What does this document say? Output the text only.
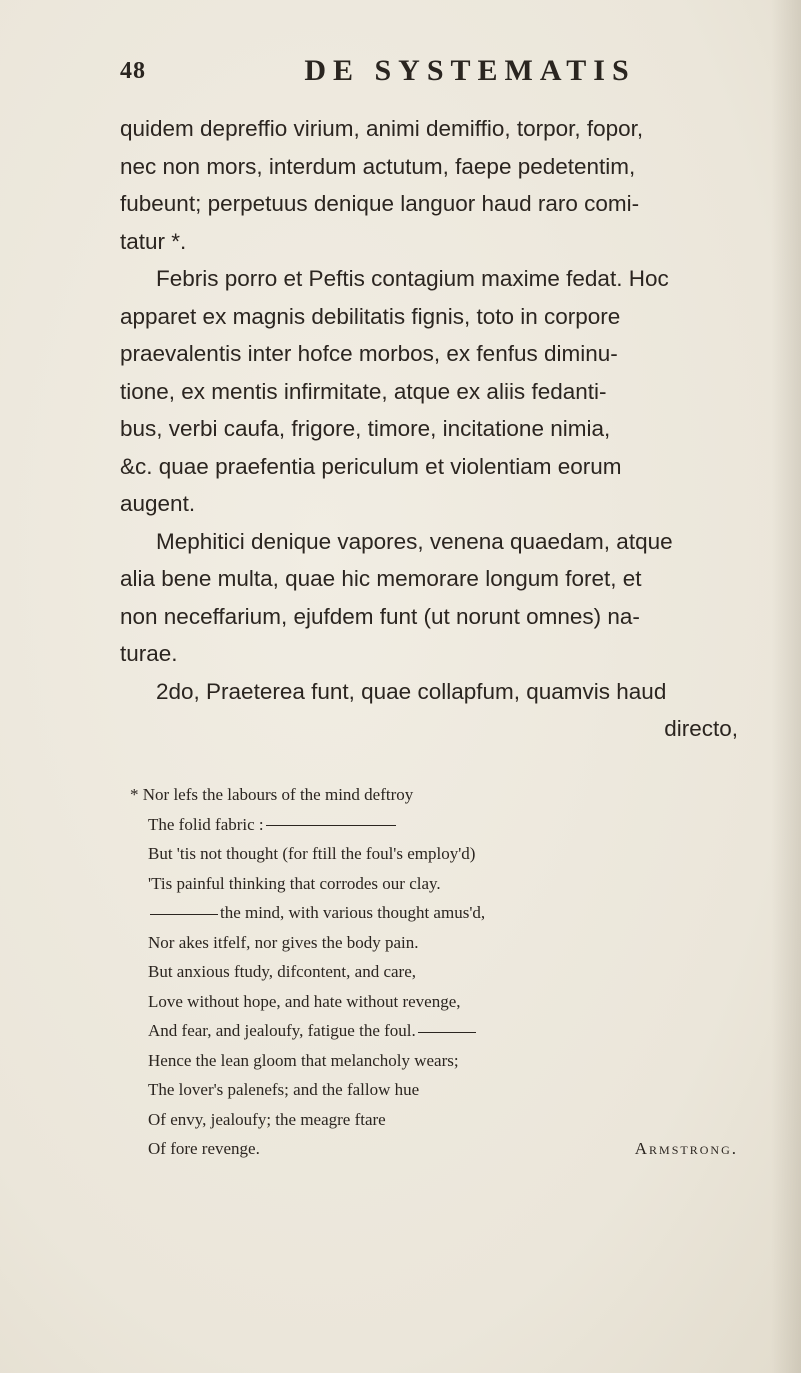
48	DE SYSTEMATIS

quidem depreffio virium, animi demiffio, torpor, fopor,

nec non mors, interdum actutum, faepe pedetentim,

fubeunt; perpetuus denique languor haud raro comi-

tatur *.

Febris porro et Peftis contagium maxime fedat. Hoc

apparet ex magnis debilitatis fignis, toto in corpore

praevalentis inter hofce morbos, ex fenfus diminu-

tione, ex mentis infirmitate, atque ex aliis fedanti-

bus, verbi caufa, frigore, timore, incitatione nimia,

&c. quae praefentia periculum et violentiam eorum

augent.

Mephitici denique vapores, venena quaedam, atque

alia bene multa, quae hic memorare longum foret, et

non neceffarium, ejufdem funt (ut norunt omnes) na-

turae.

2do, Praeterea funt, quae collapfum, quamvis haud

directo,

* Nor lefs the labours of the mind deftroy

The folid fabric :

But 'tis not thought (for ftill the foul's employ'd)

'Tis painful thinking that corrodes our clay.

the mind, with various thought amus'd,

Nor akes itfelf, nor gives the body pain.

But anxious ftudy, difcontent, and care,

Love without hope, and hate without revenge,

And fear, and jealoufy, fatigue the foul.

Hence the lean gloom that melancholy wears;

The lover's palenefs; and the fallow hue

Of envy, jealoufy; the meagre ftare

Of fore revenge.	Armstrong.
